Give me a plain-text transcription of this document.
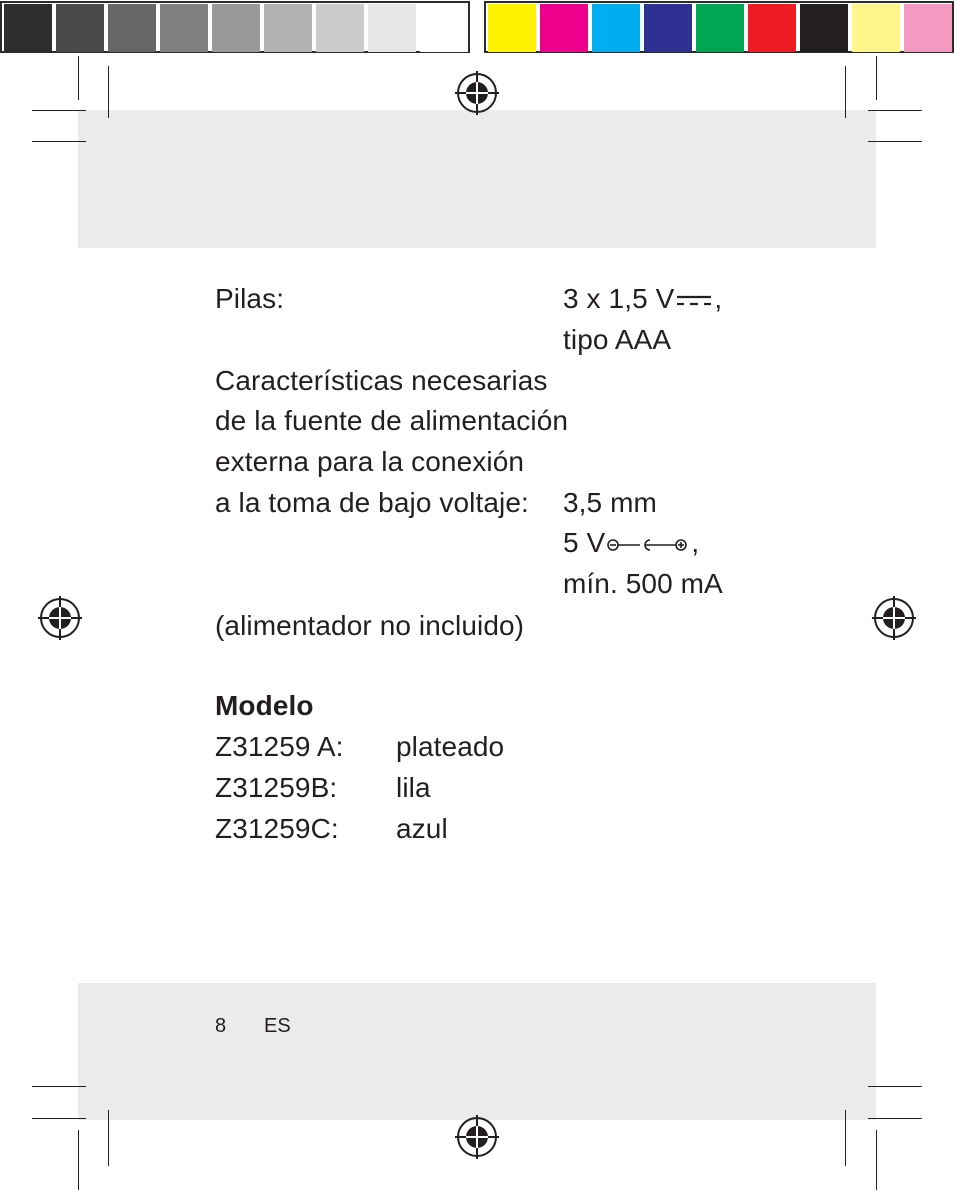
Pilas:	3 x 1,5 V ,
tipo AAA
Características necesarias
de la fuente de alimentación
externa para la conexión
a la toma de bajo voltaje: 3,5 mm
5 V	,
mín. 500 mA
(alimentador no incluido)
Modelo
Z31259 A: plateado
Z31259B: lila
Z31259C: azul
8 ES
